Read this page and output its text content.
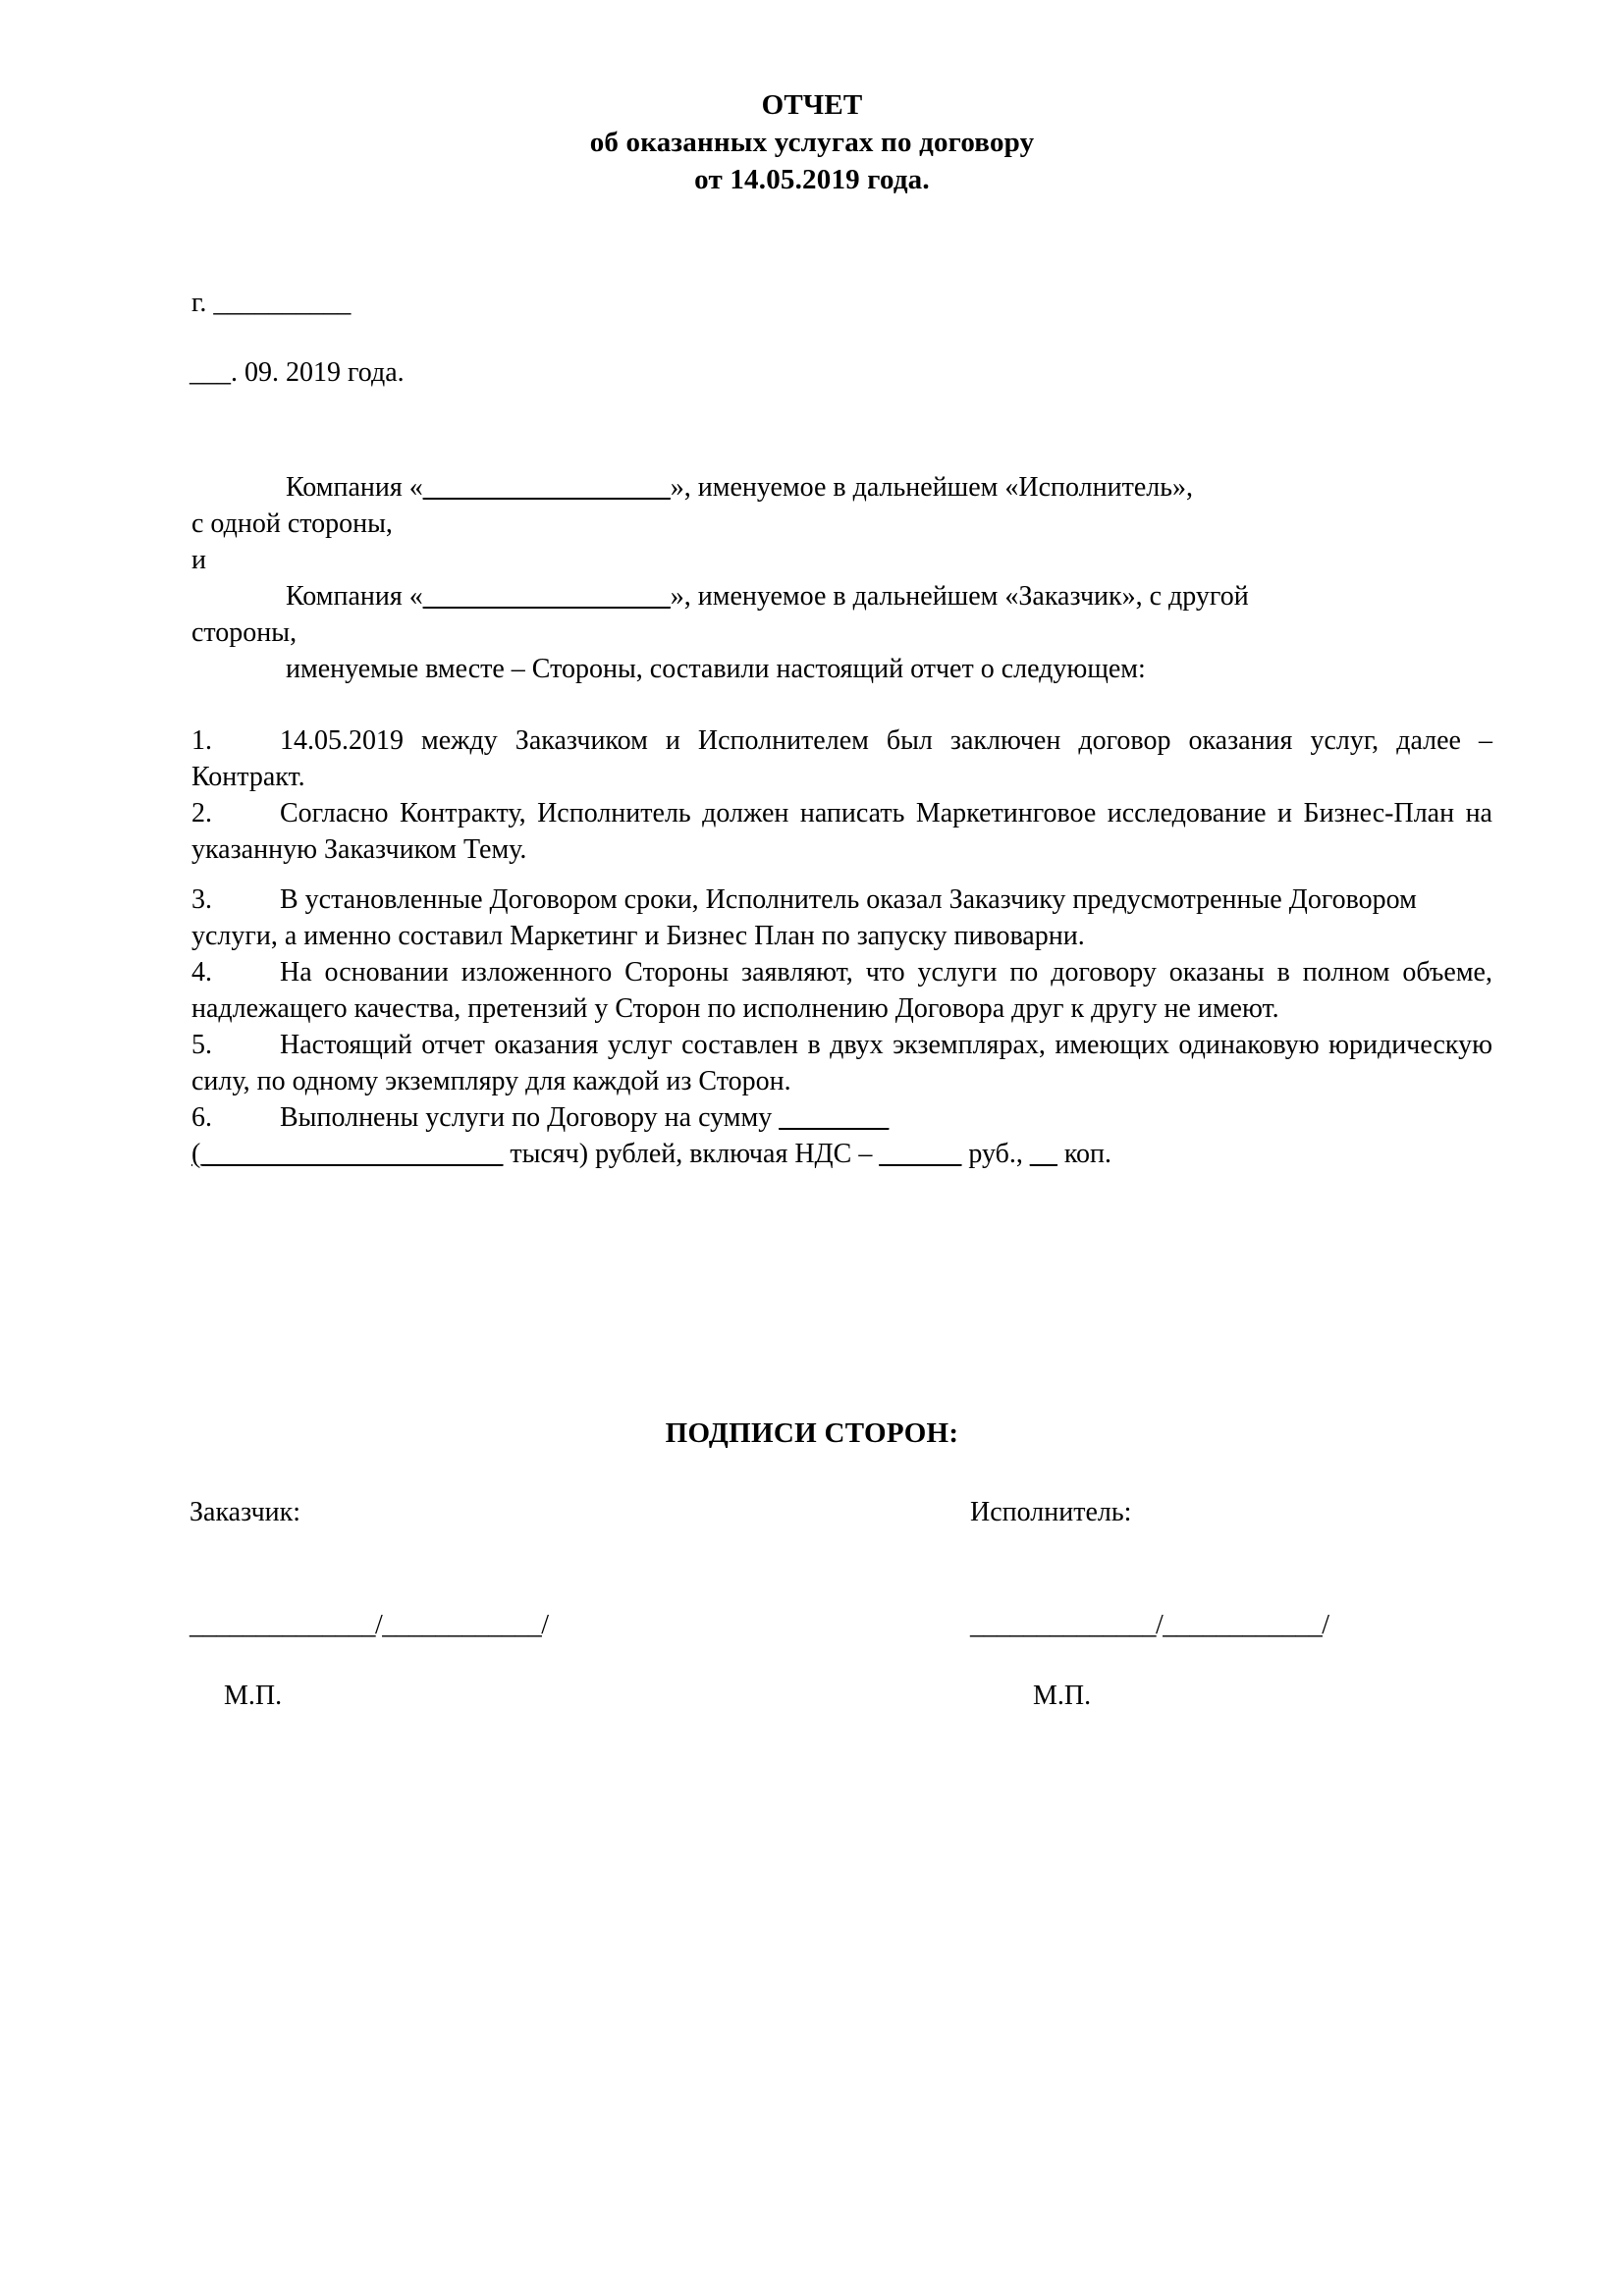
ОТЧЕТ
об оказанных услугах по договору
от 14.05.2019 года.
г. __________
___. 09. 2019 года.

Компания «__________________», именуемое в дальнейшем «Исполнитель»,

с одной стороны,

и

Компания «__________________», именуемое в дальнейшем «Заказчик», с другой

стороны,

именуемые вместе – Стороны, составили настоящий отчет о следующем:

1. 14.05.2019 между Заказчиком и Исполнителем был заключен договор оказания услуг, далее – Контракт.

2. Согласно Контракту, Исполнитель должен написать Маркетинговое исследование и Бизнес-План на указанную Заказчиком Тему.

3. В установленные Договором сроки, Исполнитель оказал Заказчику предусмотренные Договором услуги, а именно составил Маркетинг и Бизнес План по запуску пивоварни.

4. На основании изложенного Стороны заявляют, что услуги по договору оказаны в полном объеме, надлежащего качества, претензий у Сторон по исполнению Договора друг к другу не имеют.

5. Настоящий отчет оказания услуг составлен в двух экземплярах, имеющих одинаковую юридическую силу, по одному экземпляру для каждой из Сторон.

6. Выполнены услуги по Договору на сумму ________
(______________________ тысяч) рублей, включая НДС – ______ руб., __ коп.

ПОДПИСИ СТОРОН:
Заказчик:	Исполнитель:
______________/____________/	______________/____________/
М.П.	М.П.
